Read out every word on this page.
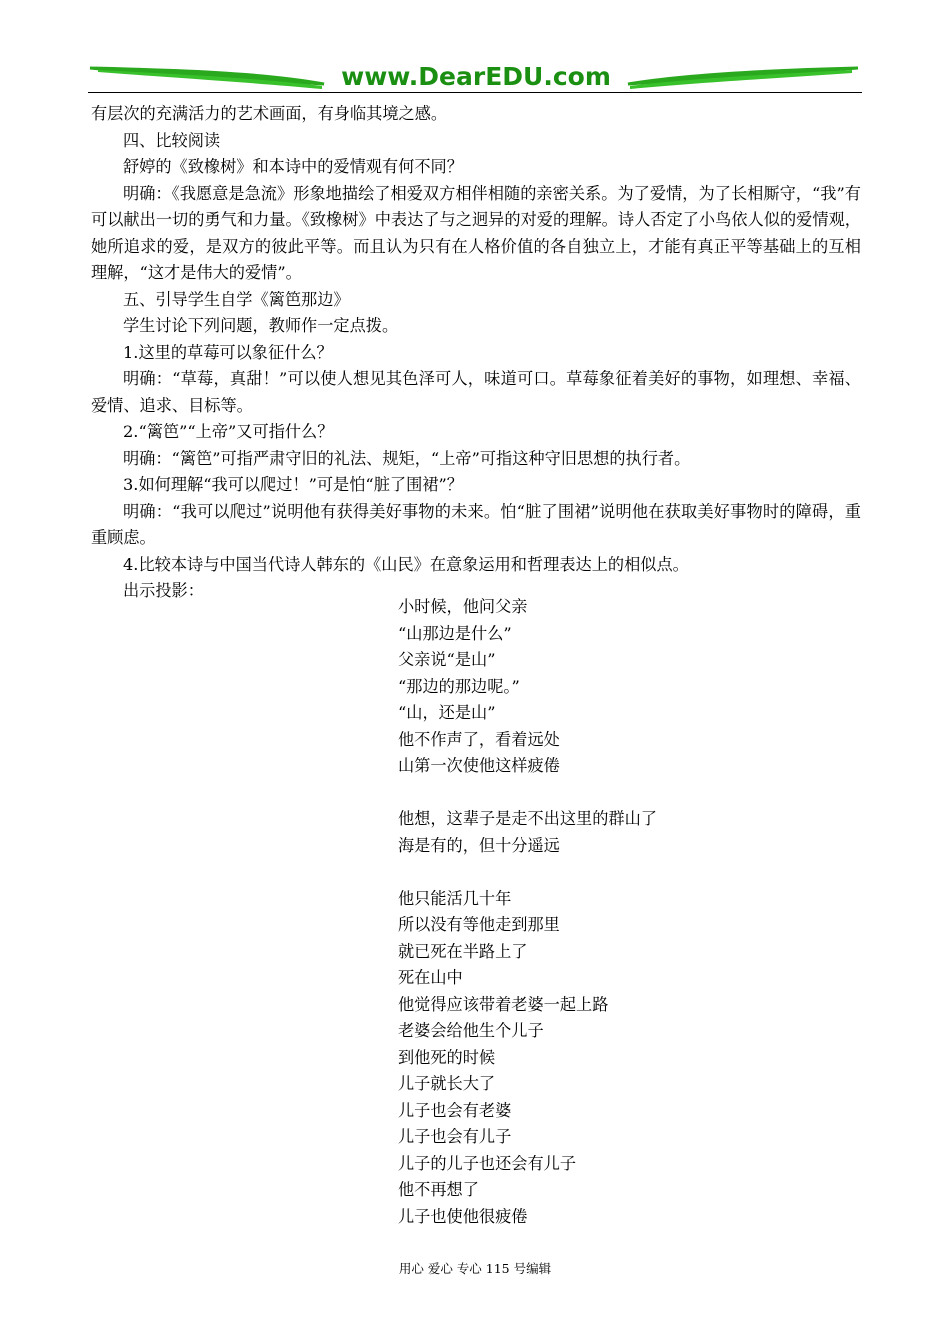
www.DearEDU.com

有层次的充满活力的艺术画面，有身临其境之感。

四、比较阅读

舒婷的《致橡树》和本诗中的爱情观有何不同？

明确：《我愿意是急流》形象地描绘了相爱双方相伴相随的亲密关系。为了爱情，为了长相厮守，“我”有可以献出一切的勇气和力量。《致橡树》中表达了与之迥异的对爱的理解。诗人否定了小鸟依人似的爱情观，她所追求的爱，是双方的彼此平等。而且认为只有在人格价值的各自独立上，才能有真正平等基础上的互相理解，“这才是伟大的爱情”。

五、引导学生自学《篱笆那边》

学生讨论下列问题，教师作一定点拨。

1.这里的草莓可以象征什么？

明确：“草莓，真甜！”可以使人想见其色泽可人，味道可口。草莓象征着美好的事物，如理想、幸福、爱情、追求、目标等。

2.“篱笆”“上帝”又可指什么？

明确：“篱笆”可指严肃守旧的礼法、规矩，“上帝”可指这种守旧思想的执行者。

3.如何理解“我可以爬过！”可是怕“脏了围裙”？

明确：“我可以爬过”说明他有获得美好事物的未来。怕“脏了围裙”说明他在获取美好事物时的障碍，重重顾虑。

4.比较本诗与中国当代诗人韩东的《山民》在意象运用和哲理表达上的相似点。

出示投影：

小时候，他问父亲
“山那边是什么”
父亲说“是山”
“那边的那边呢。”
“山，还是山”
他不作声了，看着远处
山第一次使他这样疲倦
他想，这辈子是走不出这里的群山了
海是有的，但十分遥远
他只能活几十年
所以没有等他走到那里
就已死在半路上了
死在山中
他觉得应该带着老婆一起上路
老婆会给他生个儿子
到他死的时候
儿子就长大了
儿子也会有老婆
儿子也会有儿子
儿子的儿子也还会有儿子
他不再想了
儿子也使他很疲倦
用心 爱心 专心 115 号编辑
